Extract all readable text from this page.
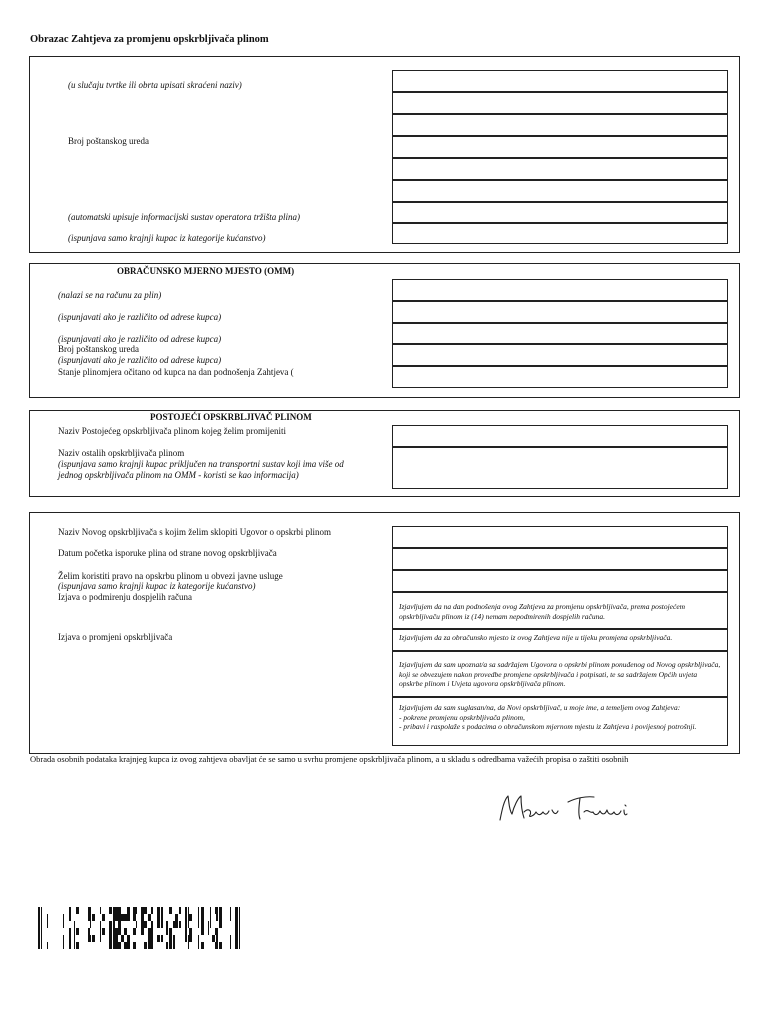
Obrazac Zahtjeva za promjenu opskrbljivača plinom
(u slučaju tvrtke ili obrta upisati skraćeni naziv)
Broj poštanskog ureda
(automatski upisuje informacijski sustav operatora tržišta plina)
(ispunjava samo krajnji kupac iz kategorije kućanstvo)
OBRAČUNSKO MJERNO MJESTO (OMM)
(nalazi se na računu za plin)
(ispunjavati ako je različito od adrese kupca)
(ispunjavati ako je različito od adrese kupca)
Broj poštanskog ureda
(ispunjavati ako je različito od adrese kupca)
Stanje plinomjera očitano od kupca na dan podnošenja Zahtjeva (
POSTOJEĆI OPSKRBLJIVAČ PLINOM
Naziv Postojećeg opskrbljivača plinom kojeg želim promijeniti
Naziv ostalih opskrbljivača plinom
(ispunjava samo krajnji kupac priključen na transportni sustav koji ima više od
jednog opskrbljivača plinom na OMM - koristi se kao informacija)
Naziv Novog opskrbljivača s kojim želim sklopiti Ugovor o opskrbi plinom
Datum početka isporuke plina od strane novog opskrbljivača
Želim koristiti pravo na opskrbu plinom u obvezi javne usluge
(ispunjava samo krajnji kupac iz kategorije kućanstvo)
Izjava o podmirenju dospjelih računa
Izjava o promjeni opskrbljivača
Izjavljujem da na dan podnošenja ovog Zahtjeva za promjenu opskrbljivača, prema postojećem opskrbljivaču plinom iz (14) nemam nepodmirenih dospjelih računa.
Izjavljujem da za obračunsko mjesto iz ovog Zahtjeva nije u tijeku promjena opskrbljivača.
Izjavljujem da sam upoznat/a sa sadržajem Ugovora o opskrbi plinom ponuđenog od Novog opskrbljivača, koji se obvezujem nakon provedbe promjene opskrbljivača i potpisati, te sa sadržajem Općih uvjeta opskrbe plinom i Uvjeta ugovora opskrbljivača plinom.
Izjavljujem da sam suglasan/na, da Novi opskrbljivač, u moje ime, a temeljem ovog Zahtjeva:
- pokrene promjenu opskrbljivača plinom,
- pribavi i raspolaže s podacima o obračunskom mjernom mjestu iz Zahtjeva i povijesnoj potrošnji.
Obrada osobnih podataka krajnjeg kupca iz ovog zahtjeva obavljat će se samo u svrhu promjene opskrbljivača plinom, a u skladu s odredbama važećih propisa o zaštiti osobnih
